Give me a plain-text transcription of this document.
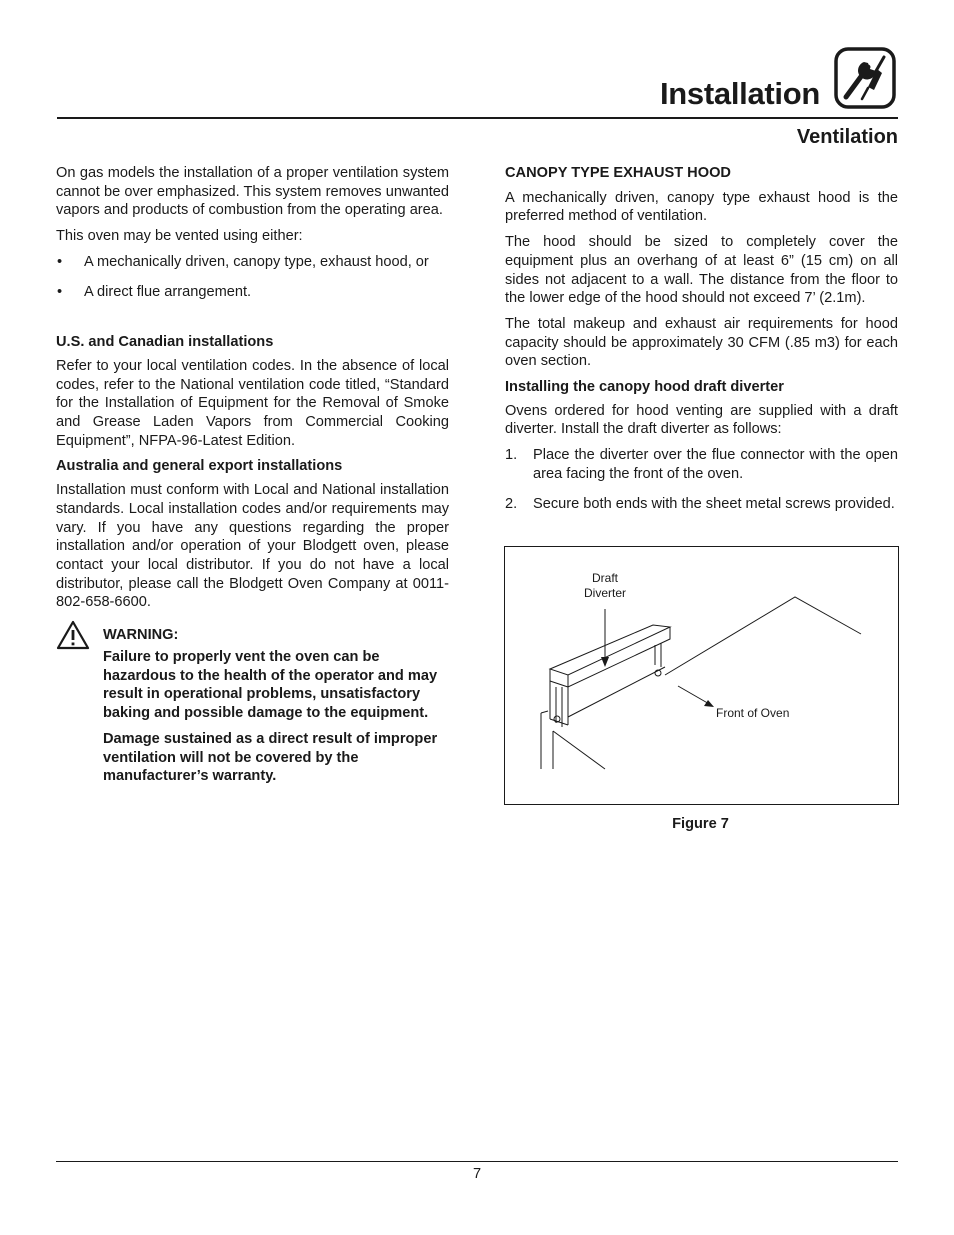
Installation
Ventilation

On gas models the installation of a proper ventilation system cannot be over emphasized. This system removes unwanted vapors and products of combustion from the operating area.

This oven may be vented using either:

• A mechanically driven, canopy type, exhaust hood, or
• A direct flue arrangement.
U.S. and Canadian installations

Refer to your local ventilation codes. In the absence of local codes, refer to the National ventilation code titled, “Standard for the Installation of Equipment for the Removal of Smoke and Grease Laden Vapors from Commercial Cooking Equipment”, NFPA-96-Latest Edition.

Australia and general export installations

Installation must conform with Local and National installation standards. Local installation codes and/or requirements may vary. If you have any questions regarding the proper installation and/or operation of your Blodgett oven, please contact your local distributor. If you do not have a local distributor, please call the Blodgett Oven Company at 0011-802-658-6600.

WARNING:

Failure to properly vent the oven can be hazardous to the health of the operator and may result in operational problems, unsatisfactory baking and possible damage to the equipment.

Damage sustained as a direct result of improper ventilation will not be covered by the manufacturer’s warranty.

CANOPY TYPE EXHAUST HOOD

A mechanically driven, canopy type exhaust hood is the preferred method of ventilation.

The hood should be sized to completely cover the equipment plus an overhang of at least 6” (15 cm) on all sides not adjacent to a wall. The distance from the floor to the lower edge of the hood should not exceed 7’ (2.1m).

The total makeup and exhaust air requirements for hood capacity should be approximately 30 CFM (.85 m3) for each oven section.

Installing the canopy hood draft diverter

Ovens ordered for hood venting are supplied with a draft diverter. Install the draft diverter as follows:

1. Place the diverter over the flue connector with the open area facing the front of the oven.
2. Secure both ends with the sheet metal screws provided.
Draft
Diverter
Front of Oven
Figure 7
7
